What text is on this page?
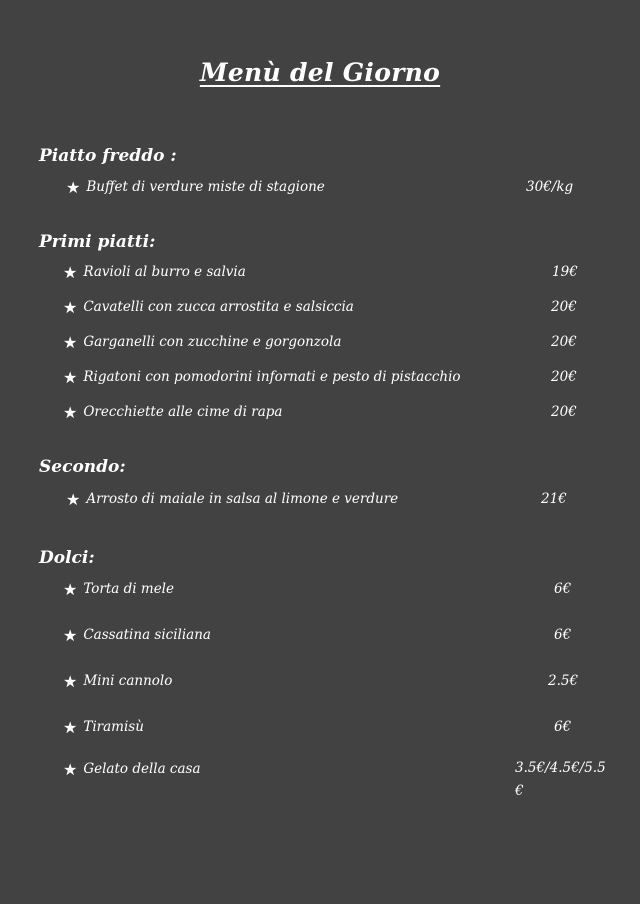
Menù del Giorno
Piatto freddo :
★ Buffet di verdure miste di stagione	30€/kg
Primi piatti:
★ Ravioli al burro e salvia	19€
★ Cavatelli con zucca arrostita e salsiccia	20€
★ Garganelli con zucchine e gorgonzola	20€
★ Rigatoni con pomodorini infornati e pesto di pistacchio	20€
★ Orecchiette alle cime di rapa	20€
Secondo:
★ Arrosto di maiale in salsa al limone e verdure	21€
Dolci:
★ Torta di mele	6€
★ Cassatina siciliana	6€
★ Mini cannolo	2.5€
★ Tiramisù	6€
★ Gelato della casa	3.5€/4.5€/5.5€
